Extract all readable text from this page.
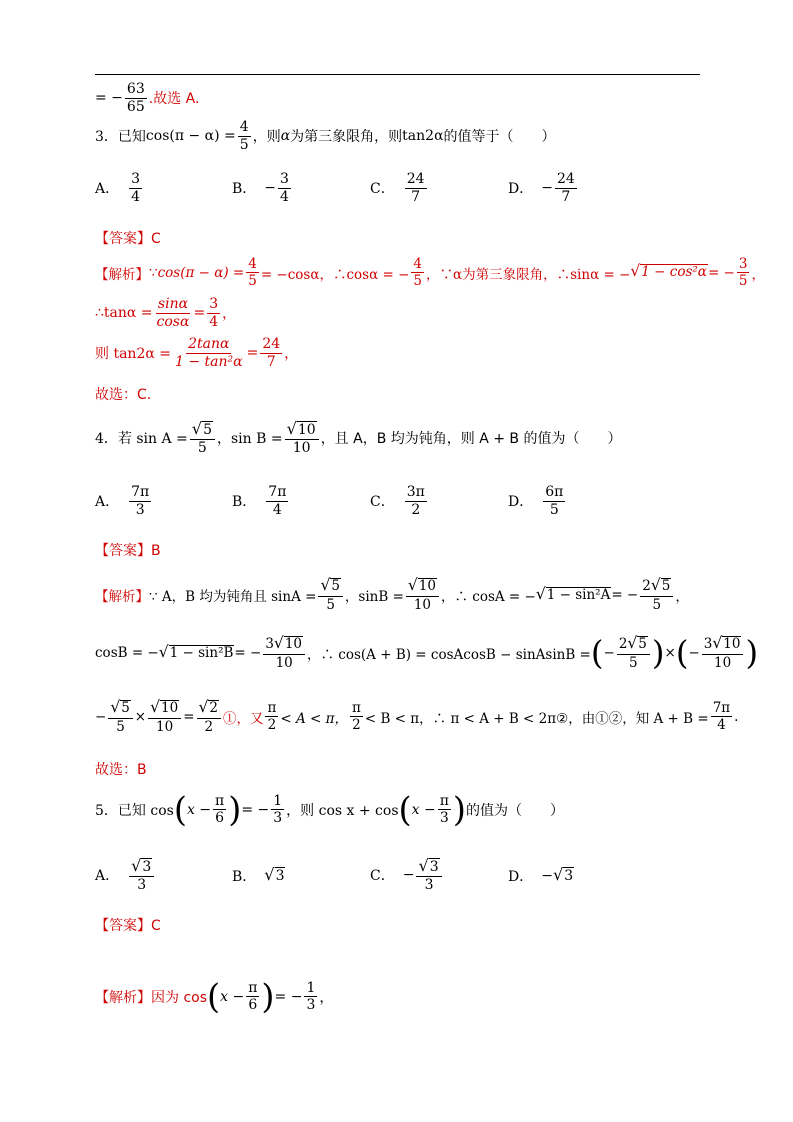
= − $\frac{63}{65}$ .故选 A.
3． 已知 $\cos(\pi - \alpha) = \frac{4}{5}$ ，则 α 为第三象限角，则 tan2α 的值等于（　　）
A． $\frac{3}{4}$	B． − $\frac{3}{4}$	C． $\frac{24}{7}$	D． − $\frac{24}{7}$
【答案】C
【解析】 ∵ $\cos(\pi - \alpha) = \frac{4}{5} = -\cos\alpha$，∴cosα = − $\frac{4}{5}$ ，∵α为第三象限角，∴sinα = − √ 1 − cos²α = − $\frac{3}{5}$ ，
∴tanα = $\frac{\sin\alpha}{\cos\alpha} = \frac{3}{4}$ ，
则 $\tan 2\alpha = \frac{2\tan\alpha}{\text{1 − tan²α}} = \frac{24}{7}$ ，
故选：C．
4． 若 $\sin A = \frac{√ 5}{5}$ ，$\sin B = \frac{√ 10}{10}$ ，且 A，B 均为钝角，则 A + B 的值为（　　）
A． $\frac{7\pi}{3}$	B． $\frac{7\pi}{4}$	C． $\frac{3\pi}{2}$	D． $\frac{6\pi}{5}$
【答案】B
【解析】 ∵ A，B 均为钝角且 $\sin A = \frac{√ 5}{5}$ ，$\sin B = \frac{√ 10}{10}$ ，∴ cosA = − √ 1 − sin²A = − $\frac{2 √ 5}{5}$ ，
cosB = − √ 1 − sin²B = − $\frac{3 √ 10}{10}$ ，∴ cos(A + B) = cosAcosB − sinAsinB = ( − $\frac{2 √ 5}{5}$ ) × ( − $\frac{3 √ 10}{10}$ )
− $\frac{√ 5}{5} \times \frac{√ 10}{10} = \frac{√ 2}{2}$ ①，又 $\frac{\pi}{2} < A < \pi$， $\frac{\pi}{2} < B < \pi$，∴ π < A + B < 2π②，由①②，知 $A + B = \frac{7\pi}{4}$ .
故选：B
5． 已知 cos ( $x - \frac{\pi}{6}$ ) = − $\frac{1}{3}$ ，则 cos x + cos ( $x - \frac{\pi}{3}$ ) 的值为（　　）
A． $\frac{√ 3}{3}$	B． √ 3	C． − $\frac{√ 3}{3}$	D． − √ 3
【答案】C
【解析】 因为 cos ( $x - \frac{\pi}{6}$ ) = − $\frac{1}{3}$ ，
